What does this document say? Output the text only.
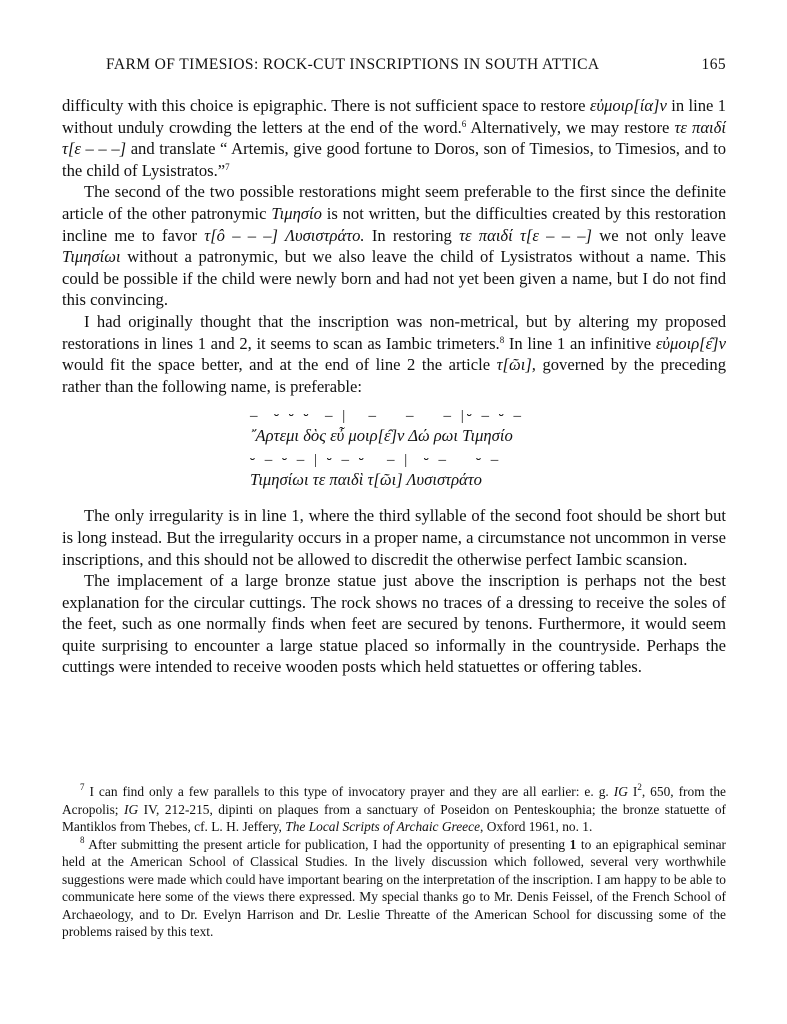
FARM OF TIMESIOS: ROCK-CUT INSCRIPTIONS IN SOUTH ATTICA	165

difficulty with this choice is epigraphic. There is not sufficient space to restore εὐμοιρ[ία]ν in line 1 without unduly crowding the letters at the end of the word.$^6$ Alternatively, we may restore τε παιδί τ[ε – – –] and translate “ Artemis, give good fortune to Doros, son of Timesios, to Timesios, and to the child of Lysistratos.”$^7$

The second of the two possible restorations might seem preferable to the first since the definite article of the other patronymic Τιμησίο is not written, but the difficulties created by this restoration incline me to favor τ[ô – – –] Λυσιστράτο. In restoring τε παιδί τ[ε – – –] we not only leave Τιμησίωι without a patronymic, but we also leave the child of Lysistratos without a name. This could be possible if the child were newly born and had not yet been given a name, but I do not find this convincing.

I had originally thought that the inscription was non-metrical, but by altering my proposed restorations in lines 1 and 2, it seems to scan as Iambic trimeters.$^8$ In line 1 an infinitive εὐμοιρ[ε̑]ν would fit the space better, and at the end of line 2 the article τ[ῶι], governed by the preceding rather than the following name, is preferable:

–  ⏑ ⏑ ⏑  – |   –    –    – |⏑ – ⏑ –
῎Αρτεμι δὸς εὖ μοιρ[ε̑]ν Δώ ρωι Τιμησίο
⏑ – ⏑ – | ⏑ – ⏑   – |  ⏑ –    ⏑ –
Τιμησίωι τε παιδὶ τ[ῶι] Λυσιστράτο

The only irregularity is in line 1, where the third syllable of the second foot should be short but is long instead. But the irregularity occurs in a proper name, a circumstance not uncommon in verse inscriptions, and this should not be allowed to discredit the otherwise perfect Iambic scansion.

The implacement of a large bronze statue just above the inscription is perhaps not the best explanation for the circular cuttings. The rock shows no traces of a dressing to receive the soles of the feet, such as one normally finds when feet are secured by tenons. Furthermore, it would seem quite surprising to encounter a large statue placed so informally in the countryside. Perhaps the cuttings were intended to receive wooden posts which held statuettes or offering tables.

$^7$ I can find only a few parallels to this type of invocatory prayer and they are all earlier: e. g. IG $I^2$, 650, from the Acropolis; IG IV, 212-215, dipinti on plaques from a sanctuary of Poseidon on Penteskouphia; the bronze statuette of Mantiklos from Thebes, cf. L. H. Jeffery, The Local Scripts of Archaic Greece, Oxford 1961, no. 1.

$^8$ After submitting the present article for publication, I had the opportunity of presenting 1 to an epigraphical seminar held at the American School of Classical Studies. In the lively discussion which followed, several very worthwhile suggestions were made which could have important bearing on the interpretation of the inscription. I am happy to be able to communicate here some of the views there expressed. My special thanks go to Mr. Denis Feissel, of the French School of Archaeology, and to Dr. Evelyn Harrison and Dr. Leslie Threatte of the American School for discussing some of the problems raised by this text.
